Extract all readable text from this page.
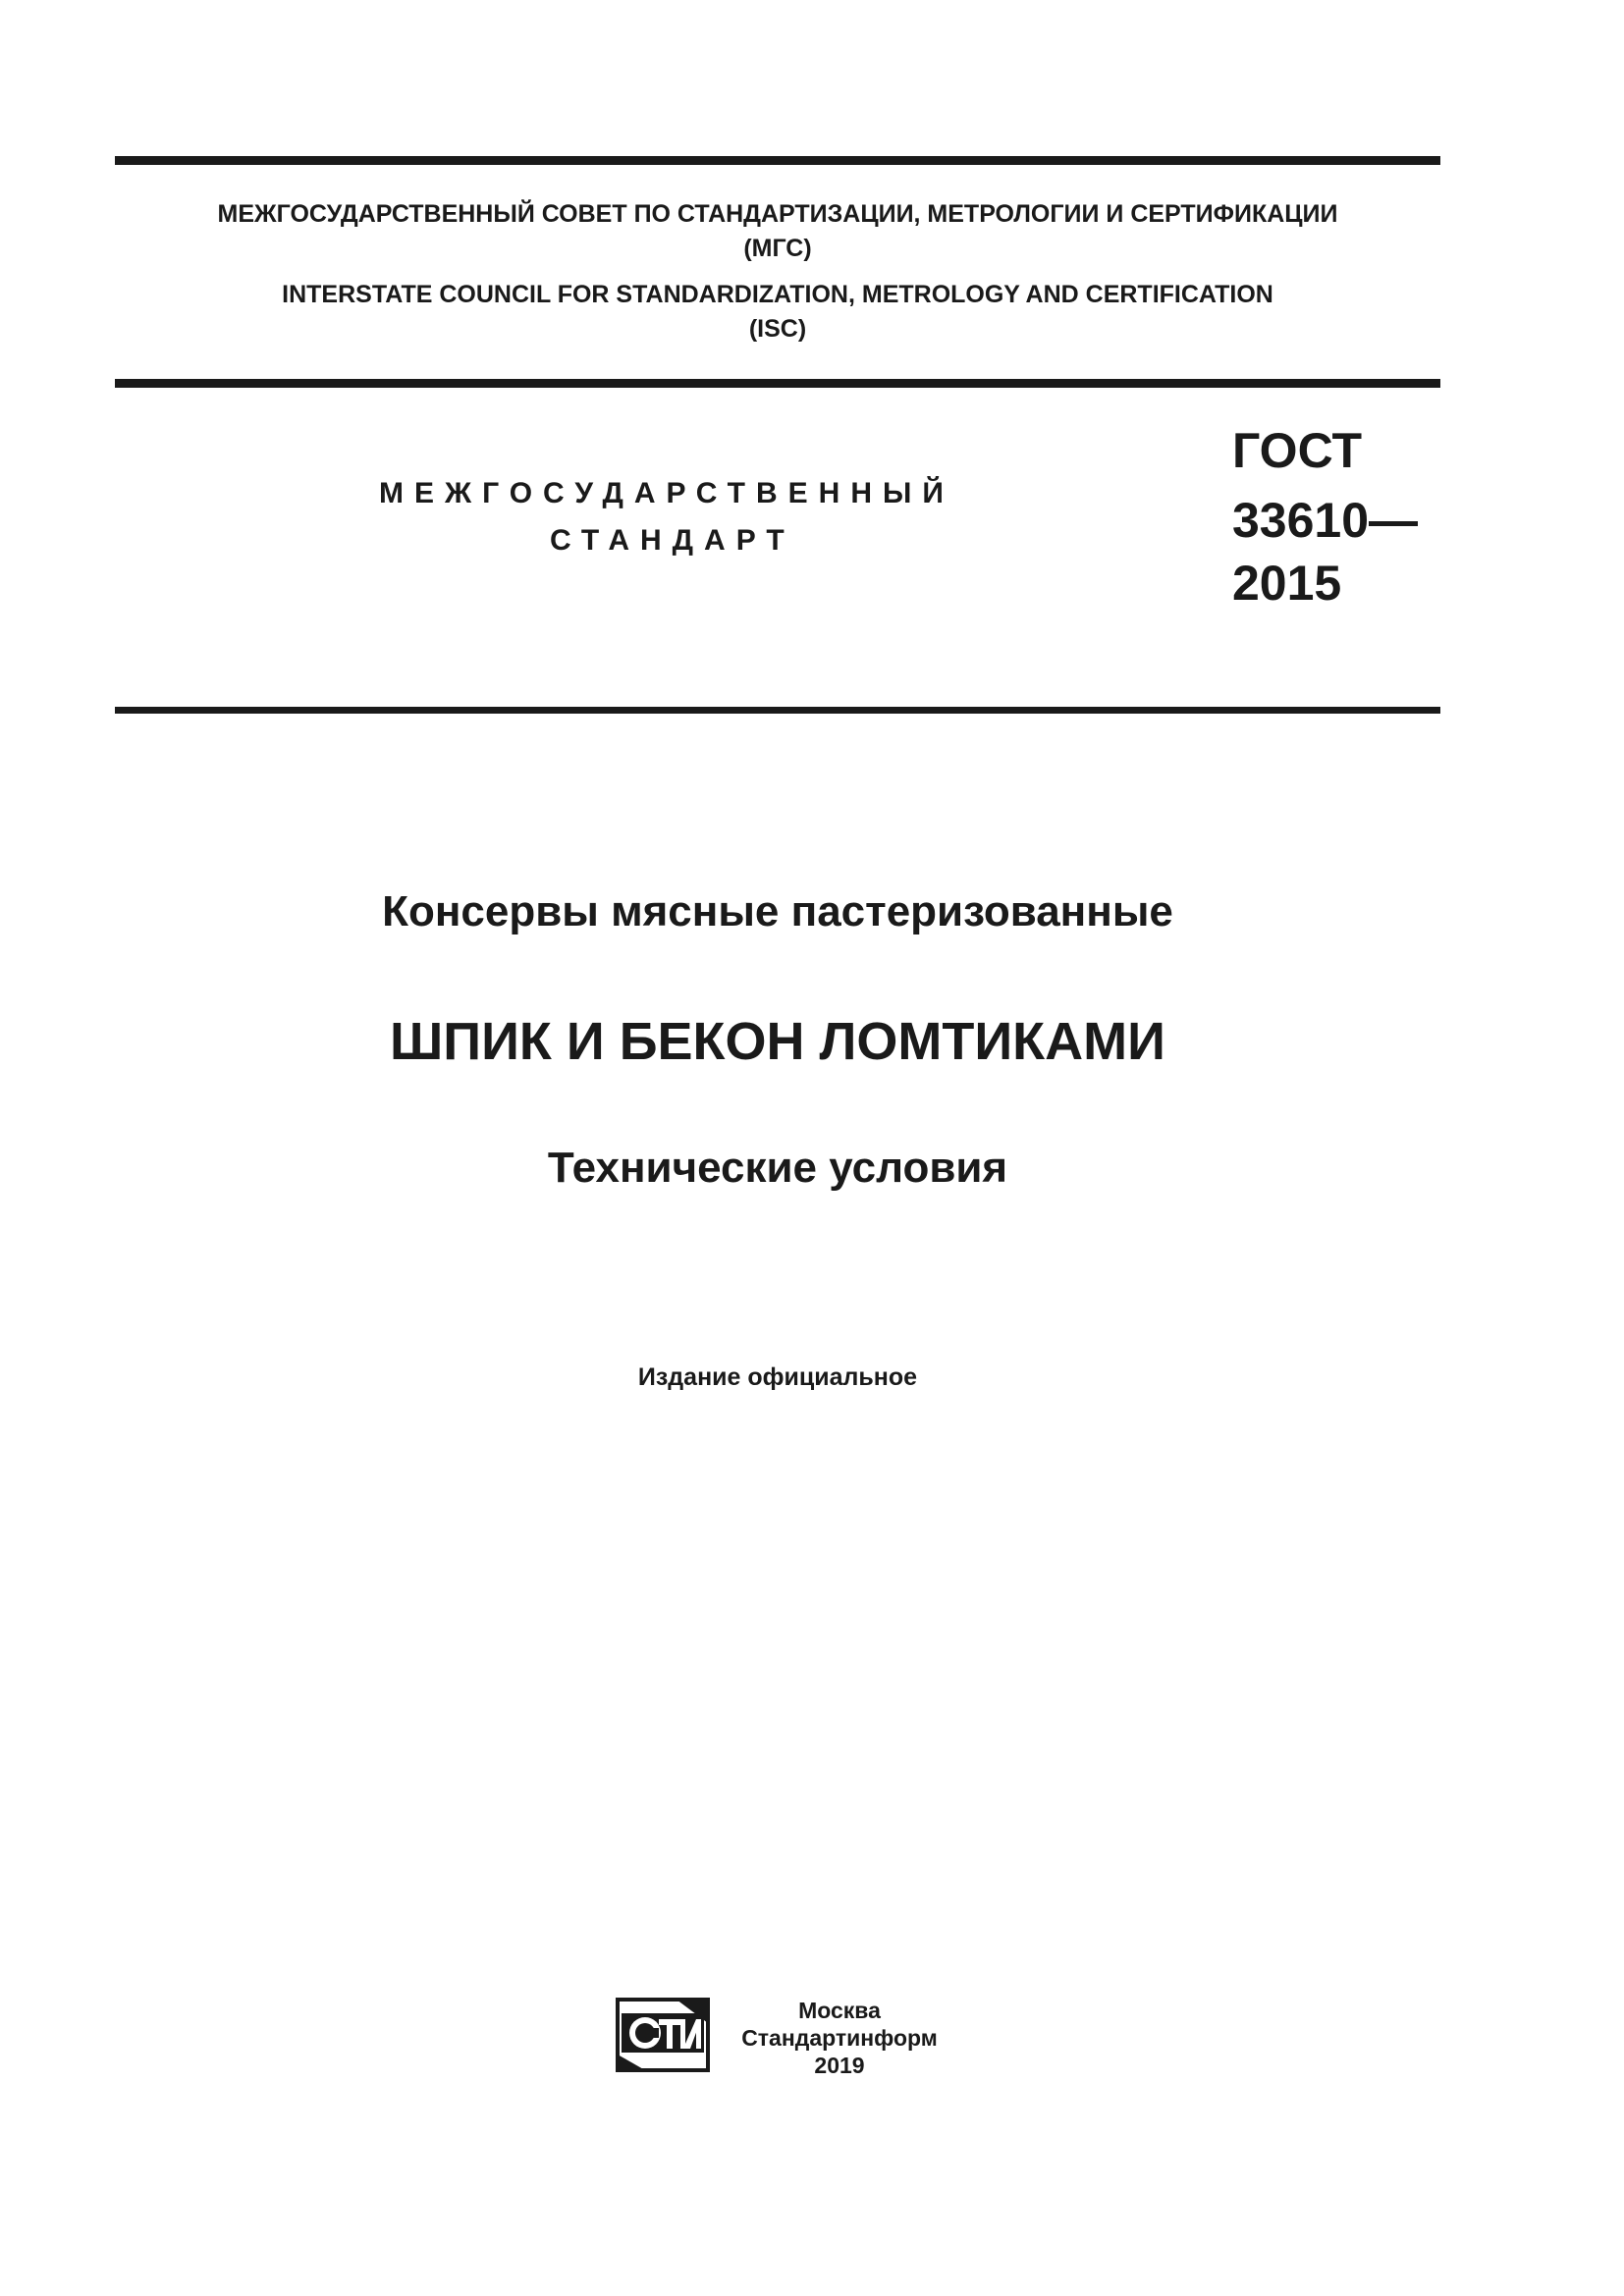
МЕЖГОСУДАРСТВЕННЫЙ СОВЕТ ПО СТАНДАРТИЗАЦИИ, МЕТРОЛОГИИ И СЕРТИФИКАЦИИ
(МГС)
INTERSTATE COUNCIL FOR STANDARDIZATION, METROLOGY AND CERTIFICATION
(ISC)
МЕЖГОСУДАРСТВЕННЫЙ
СТАНДАРТ
ГОСТ
33610—
2015
Консервы мясные пастеризованные
ШПИК И БЕКОН ЛОМТИКАМИ
Технические условия
Издание официальное
Москва
Стандартинформ
2019
